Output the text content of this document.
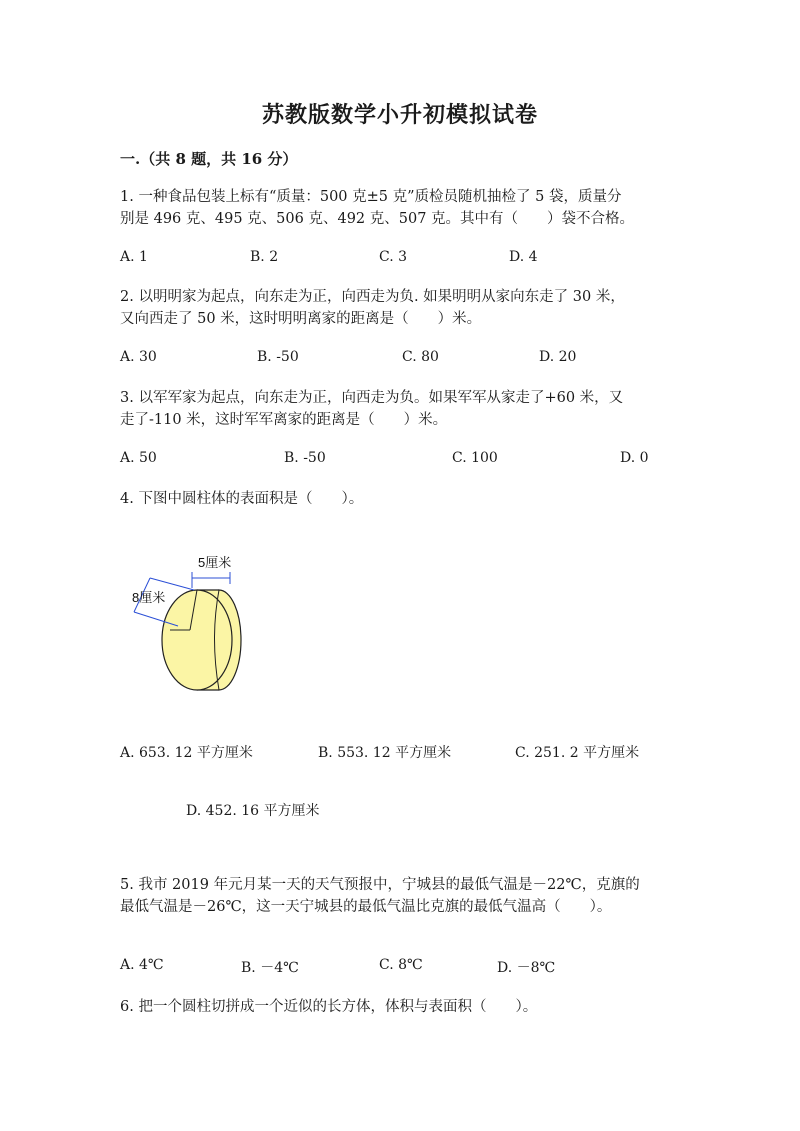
苏教版数学小升初模拟试卷
一.（共 8 题，共 16 分）
1. 一种食品包装上标有“质量：500 克±5 克”质检员随机抽检了 5 袋，质量分
别是 496 克、495 克、506 克、492 克、507 克。其中有（　　）袋不合格。
A. 1	B. 2	C. 3	D. 4
2. 以明明家为起点，向东走为正，向西走为负. 如果明明从家向东走了 30 米，
又向西走了 50 米，这时明明离家的距离是（　　）米。
A. 30	B. -50	C. 80	D. 20
3. 以军军家为起点，向东走为正，向西走为负。如果军军从家走了+60 米，又
走了-110 米，这时军军离家的距离是（　　）米。
A. 50	B. -50	C. 100	D. 0
4. 下图中圆柱体的表面积是（　　）。
5厘米
8厘米
A. 653. 12 平方厘米	B. 553. 12 平方厘米	C. 251. 2 平方厘米
D. 452. 16 平方厘米
5. 我市 2019 年元月某一天的天气预报中，宁城县的最低气温是－22℃，克旗的
最低气温是－26℃，这一天宁城县的最低气温比克旗的最低气温高（　　）。
A. 4℃	B. －4℃	C. 8℃	D. －8℃
6. 把一个圆柱切拼成一个近似的长方体，体积与表面积（　　）。
